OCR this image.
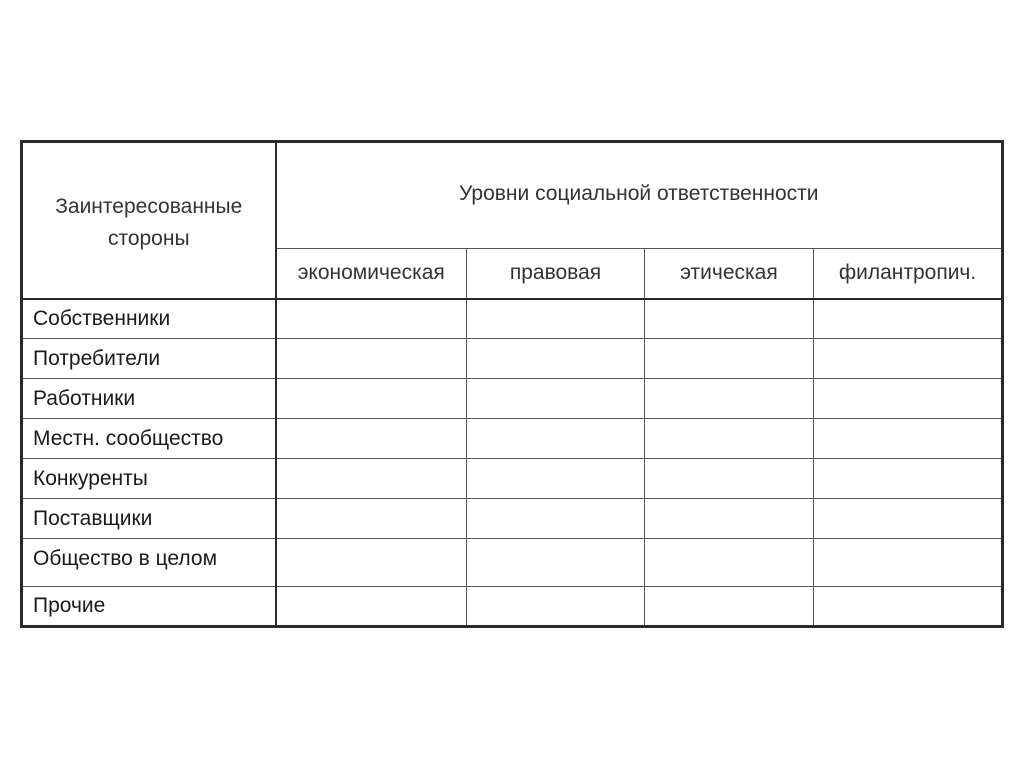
Заинтересованные стороны	Уровни социальной ответственности			
	экономическая	правовая	этическая	филантропич.
Собственники				
Потребители				
Работники				
Местн. сообщество				
Конкуренты				
Поставщики				
Общество в целом				
Прочие				
